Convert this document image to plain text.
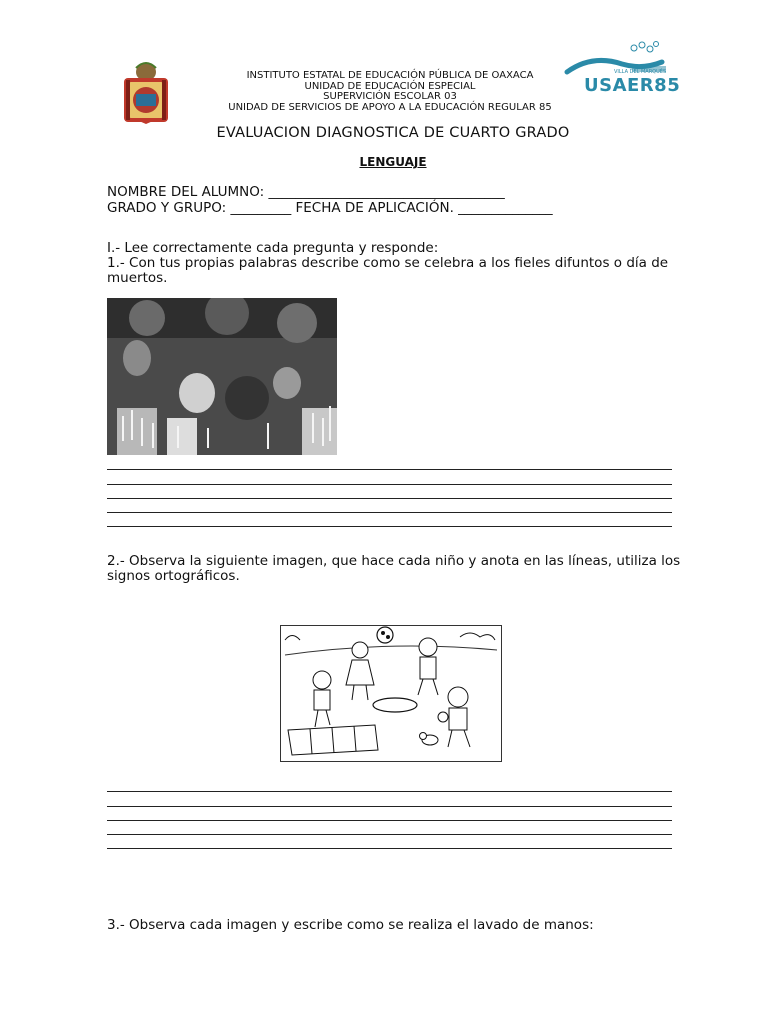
INSTITUTO ESTATAL DE EDUCACIÓN PÚBLICA DE OAXACA
UNIDAD DE EDUCACIÓN ESPECIAL
SUPERVICIÓN ESCOLAR 03
UNIDAD DE SERVICIOS DE APOYO A LA EDUCACIÓN REGULAR 85
VILLA DEL MARQUÉS
USAER85
EVALUACION DIAGNOSTICA DE CUARTO GRADO
LENGUAJE
NOMBRE DEL ALUMNO: ___________________________________
GRADO Y GRUPO: _________ FECHA DE APLICACIÓN. ______________
I.- Lee correctamente cada pregunta y responde:
1.- Con tus propias palabras describe como se celebra a los fieles difuntos o día de muertos.
2.- Observa la siguiente imagen, que hace cada niño y anota en las líneas, utiliza los signos ortográficos.
3.- Observa cada imagen y escribe como se realiza el lavado de manos:
